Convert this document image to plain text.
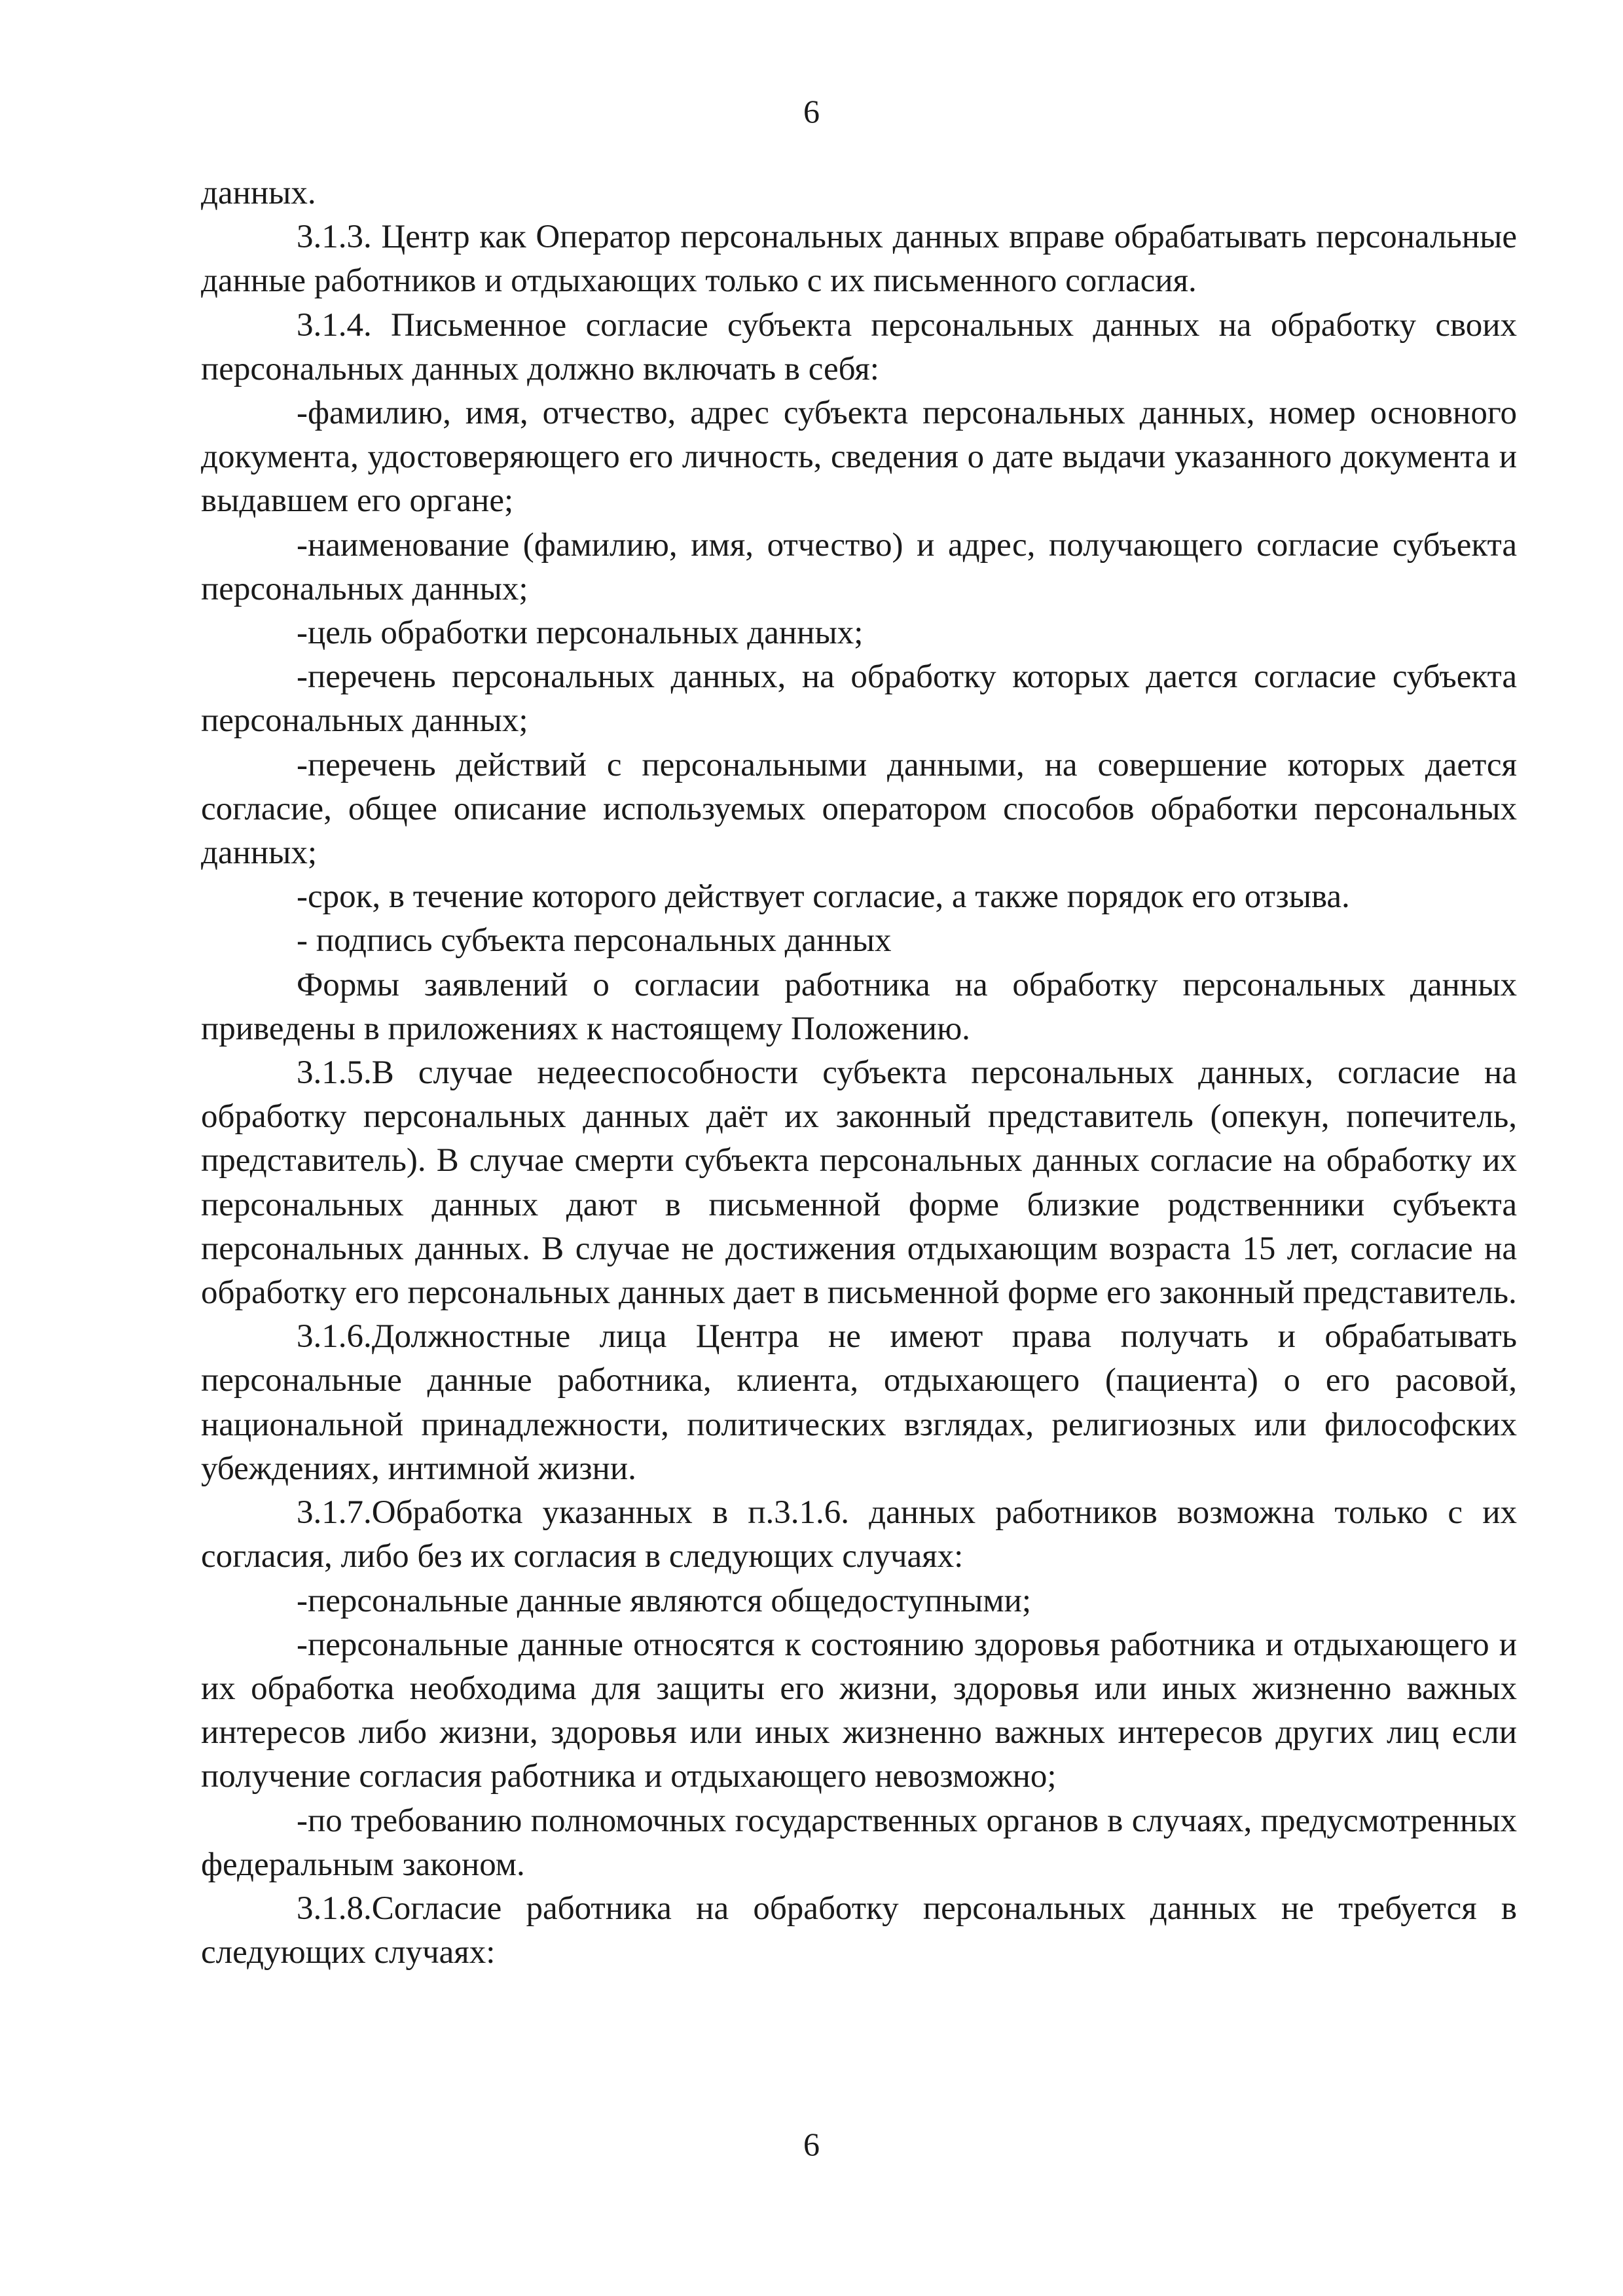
6

данных.

3.1.3. Центр как Оператор персональных данных вправе обрабатывать персональные данные работников и отдыхающих только с их письменного согласия.

3.1.4. Письменное согласие субъекта персональных данных на обработку своих персональных данных должно включать в себя:

-фамилию, имя, отчество, адрес субъекта персональных данных, номер основного документа, удостоверяющего его личность, сведения о дате выдачи указанного документа и выдавшем его органе;

-наименование (фамилию, имя, отчество) и адрес, получающего согласие субъекта персональных данных;

-цель обработки персональных данных;

-перечень персональных данных, на обработку которых дается согласие субъекта персональных данных;

-перечень действий с персональными данными, на совершение которых дается согласие, общее описание используемых оператором способов обработки персональных данных;

-срок, в течение которого действует согласие, а также порядок его отзыва.

- подпись субъекта персональных данных

Формы заявлений о согласии работника на обработку персональных данных приведены в приложениях к настоящему Положению.

3.1.5.В случае недееспособности субъекта персональных данных, согласие на обработку персональных данных даёт их законный представитель (опекун, попечитель, представитель). В случае смерти субъекта персональных данных согласие на обработку их персональных данных дают в письменной форме близкие родственники субъекта персональных данных. В случае не достижения отдыхающим возраста 15 лет, согласие на обработку его персональных данных дает в письменной форме его законный представитель.

3.1.6.Должностные лица Центра не имеют права получать и обрабатывать персональные данные работника, клиента, отдыхающего (пациента) о его расовой, национальной принадлежности, политических взглядах, религиозных или философских убеждениях, интимной жизни.

3.1.7.Обработка указанных в п.3.1.6. данных работников возможна только с их согласия, либо без их согласия в следующих случаях:

-персональные данные являются общедоступными;

-персональные данные относятся к состоянию здоровья работника и отдыхающего и их обработка необходима для защиты его жизни, здоровья или иных жизненно важных интересов либо жизни, здоровья или иных жизненно важных интересов других лиц если получение согласия работника и отдыхающего невозможно;

-по требованию полномочных государственных органов в случаях, предусмотренных федеральным законом.

3.1.8.Согласие работника на обработку персональных данных не требуется в следующих случаях:

6
